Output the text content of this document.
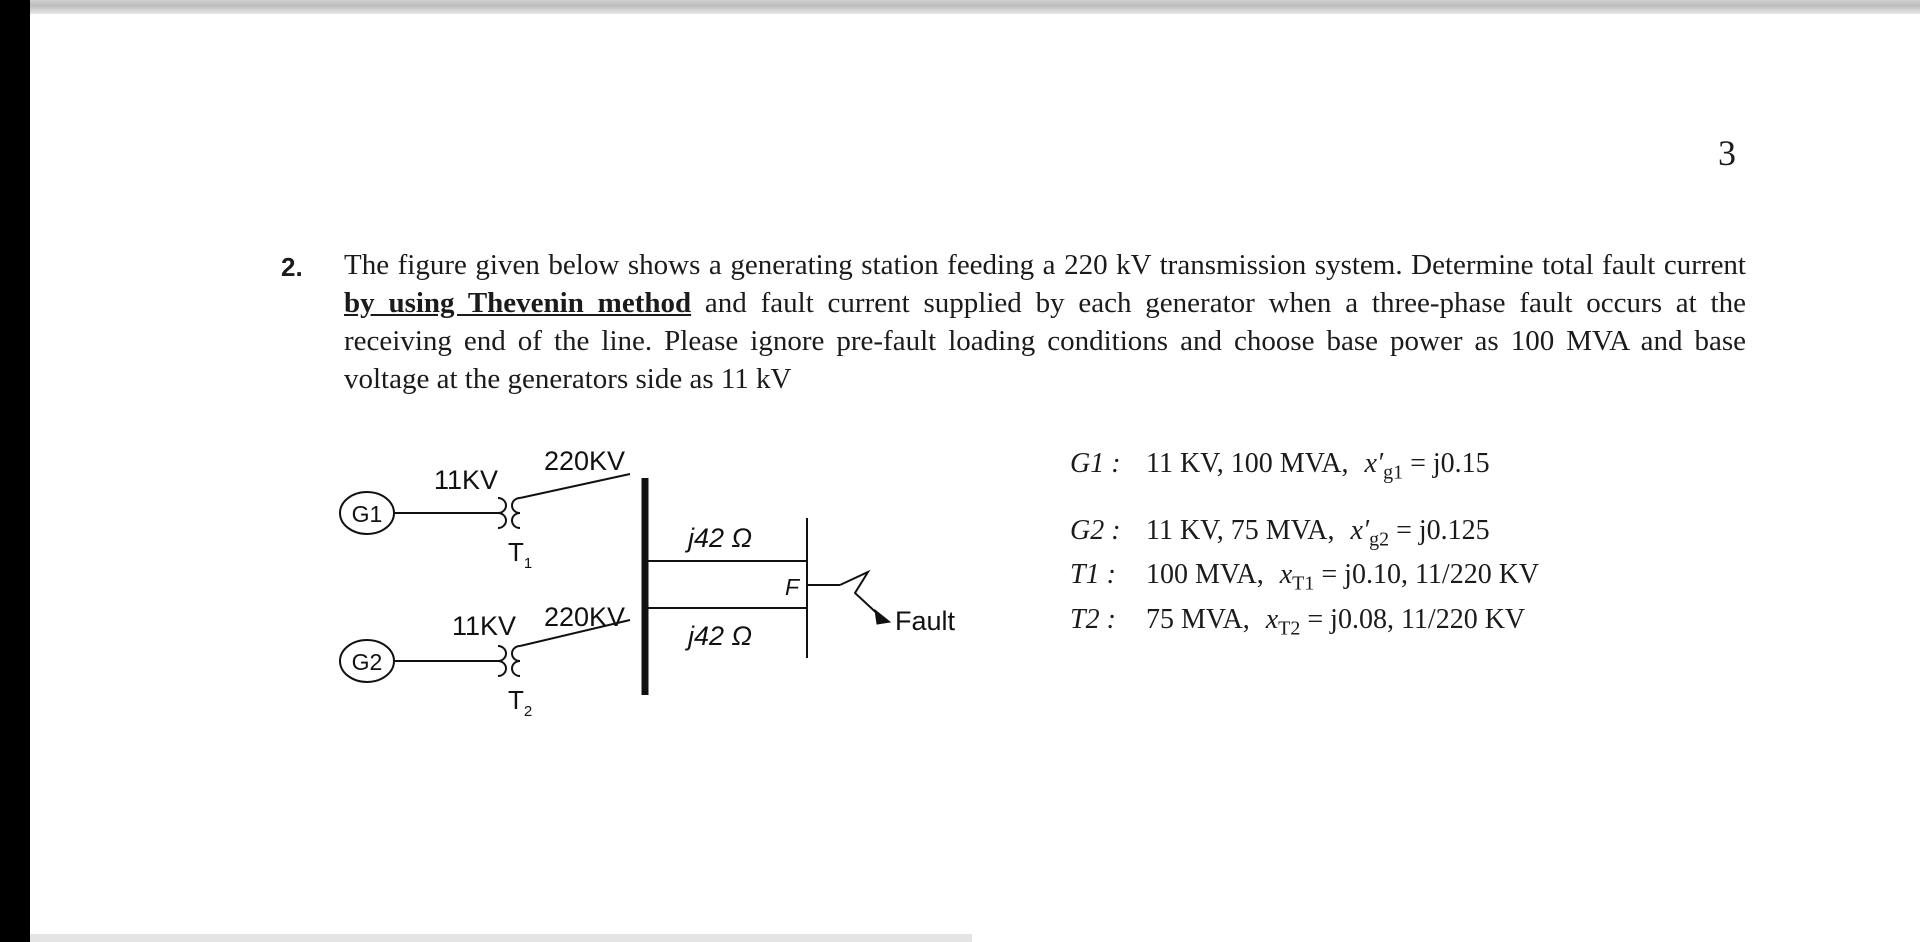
3
2. The figure given below shows a generating station feeding a 220 kV transmission system. Determine total fault current by using Thevenin method and fault current supplied by each generator when a three-phase fault occurs at the receiving end of the line. Please ignore pre-fault loading conditions and choose base power as 100 MVA and base voltage at the generators side as 11 kV
G1
11KV
220KV
$T_1$
G2
11KV 220KV
$T_2$
j42 Ω
j42 Ω
F
Fault
G1 : 11 KV, 100 MVA, $x'_{g1} = j0.15$
G2 : 11 KV, 75 MVA, $x'_{g2} = j0.125$
T1 : 100 MVA, $x_{T1} = j0.10$, 11/220 KV
T2 : 75 MVA, $x_{T2} = j0.08$, 11/220 KV
